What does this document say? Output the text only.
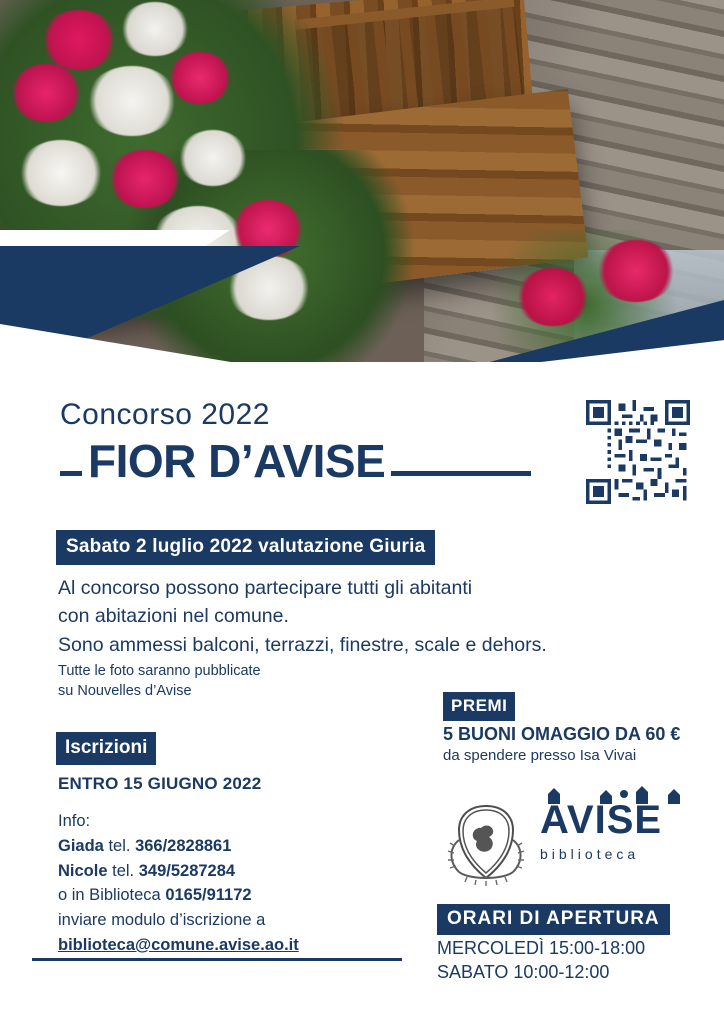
Concorso 2022
FIOR D’AVISE
Sabato 2 luglio 2022 valutazione Giuria
Al concorso possono partecipare tutti gli abitanti
con abitazioni nel comune.
Sono ammessi balconi, terrazzi, finestre, scale e dehors.
Tutte le foto saranno pubblicate
su Nouvelles d’Avise
Iscrizioni
ENTRO 15 GIUGNO 2022
Info:
Giada tel. 366/2828861
Nicole tel. 349/5287284
o in Biblioteca 0165/91172
inviare modulo d’iscrizione a
biblioteca@comune.avise.ao.it
PREMI
5 BUONI OMAGGIO DA 60 €
da spendere presso Isa Vivai
AVISE
biblioteca
ORARI DI APERTURA
MERCOLEDÌ 15:00-18:00
SABATO 10:00-12:00
